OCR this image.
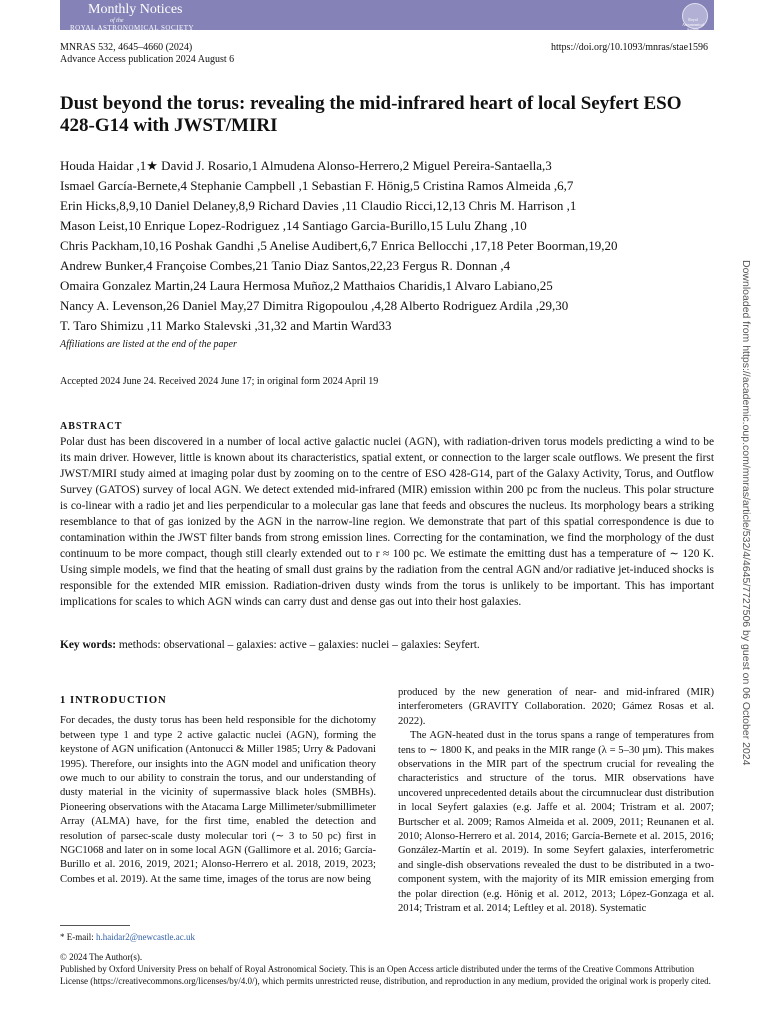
Monthly Notices
of the
ROYAL ASTRONOMICAL SOCIETY
Royal Astronomical Society
MNRAS 532, 4645–4660 (2024)
Advance Access publication 2024 August 6
https://doi.org/10.1093/mnras/stae1596
Dust beyond the torus: revealing the mid-infrared heart of local Seyfert ESO 428-G14 with JWST/MIRI
Houda Haidar ,1★ David J. Rosario,1 Almudena Alonso-Herrero,2 Miguel Pereira-Santaella,3
Ismael García-Bernete,4 Stephanie Campbell ,1 Sebastian F. Hönig,5 Cristina Ramos Almeida ,6,7
Erin Hicks,8,9,10 Daniel Delaney,8,9 Richard Davies ,11 Claudio Ricci,12,13 Chris M. Harrison ,1
Mason Leist,10 Enrique Lopez-Rodriguez ,14 Santiago Garcia-Burillo,15 Lulu Zhang ,10
Chris Packham,10,16 Poshak Gandhi ,5 Anelise Audibert,6,7 Enrica Bellocchi ,17,18 Peter Boorman,19,20
Andrew Bunker,4 Françoise Combes,21 Tanio Diaz Santos,22,23 Fergus R. Donnan ,4
Omaira Gonzalez Martin,24 Laura Hermosa Muñoz,2 Matthaios Charidis,1 Alvaro Labiano,25
Nancy A. Levenson,26 Daniel May,27 Dimitra Rigopoulou ,4,28 Alberto Rodriguez Ardila ,29,30
T. Taro Shimizu ,11 Marko Stalevski ,31,32 and Martin Ward33
Affiliations are listed at the end of the paper
Accepted 2024 June 24. Received 2024 June 17; in original form 2024 April 19
ABSTRACT
Polar dust has been discovered in a number of local active galactic nuclei (AGN), with radiation-driven torus models predicting a wind to be its main driver. However, little is known about its characteristics, spatial extent, or connection to the larger scale outflows. We present the first JWST/MIRI study aimed at imaging polar dust by zooming on to the centre of ESO 428-G14, part of the Galaxy Activity, Torus, and Outflow Survey (GATOS) survey of local AGN. We detect extended mid-infrared (MIR) emission within 200 pc from the nucleus. This polar structure is co-linear with a radio jet and lies perpendicular to a molecular gas lane that feeds and obscures the nucleus. Its morphology bears a striking resemblance to that of gas ionized by the AGN in the narrow-line region. We demonstrate that part of this spatial correspondence is due to contamination within the JWST filter bands from strong emission lines. Correcting for the contamination, we find the morphology of the dust continuum to be more compact, though still clearly extended out to r ≈ 100 pc. We estimate the emitting dust has a temperature of ∼ 120 K. Using simple models, we find that the heating of small dust grains by the radiation from the central AGN and/or radiative jet-induced shocks is responsible for the extended MIR emission. Radiation-driven dusty winds from the torus is unlikely to be important. This has important implications for scales to which AGN winds can carry dust and dense gas out into their host galaxies.
Key words: methods: observational – galaxies: active – galaxies: nuclei – galaxies: Seyfert.
1 INTRODUCTION

For decades, the dusty torus has been held responsible for the dichotomy between type 1 and type 2 active galactic nuclei (AGN), forming the keystone of AGN unification (Antonucci & Miller 1985; Urry & Padovani 1995). Therefore, our insights into the AGN model and unification theory owe much to our ability to constrain the torus, and our understanding of dusty material in the vicinity of supermassive black holes (SMBHs). Pioneering observations with the Atacama Large Millimeter/submillimeter Array (ALMA) have, for the first time, enabled the detection and resolution of parsec-scale dusty molecular tori (∼ 3 to 50 pc) first in NGC1068 and later on in some local AGN (Gallimore et al. 2016; García-Burillo et al. 2016, 2019, 2021; Alonso-Herrero et al. 2018, 2019, 2023; Combes et al. 2019). At the same time, images of the torus are now being

produced by the new generation of near- and mid-infrared (MIR) interferometers (GRAVITY Collaboration. 2020; Gámez Rosas et al. 2022).

The AGN-heated dust in the torus spans a range of temperatures from tens to ∼ 1800 K, and peaks in the MIR range (λ = 5–30 µm). This makes observations in the MIR part of the spectrum crucial for revealing the characteristics and structure of the torus. MIR observations have uncovered unprecedented details about the circumnuclear dust distribution in local Seyfert galaxies (e.g. Jaffe et al. 2004; Tristram et al. 2007; Burtscher et al. 2009; Ramos Almeida et al. 2009, 2011; Reunanen et al. 2010; Alonso-Herrero et al. 2014, 2016; García-Bernete et al. 2015, 2016; González-Martín et al. 2019). In some Seyfert galaxies, interferometric and single-dish observations revealed the dust to be distributed in a two-component system, with the majority of its MIR emission emerging from the polar direction (e.g. Hönig et al. 2012, 2013; López-Gonzaga et al. 2014; Tristram et al. 2014; Leftley et al. 2018). Systematic

* E-mail: h.haidar2@newcastle.ac.uk
© 2024 The Author(s).
Published by Oxford University Press on behalf of Royal Astronomical Society. This is an Open Access article distributed under the terms of the Creative Commons Attribution License (https://creativecommons.org/licenses/by/4.0/), which permits unrestricted reuse, distribution, and reproduction in any medium, provided the original work is properly cited.
Downloaded from https://academic.oup.com/mnras/article/532/4/4645/7727506 by guest on 06 October 2024
